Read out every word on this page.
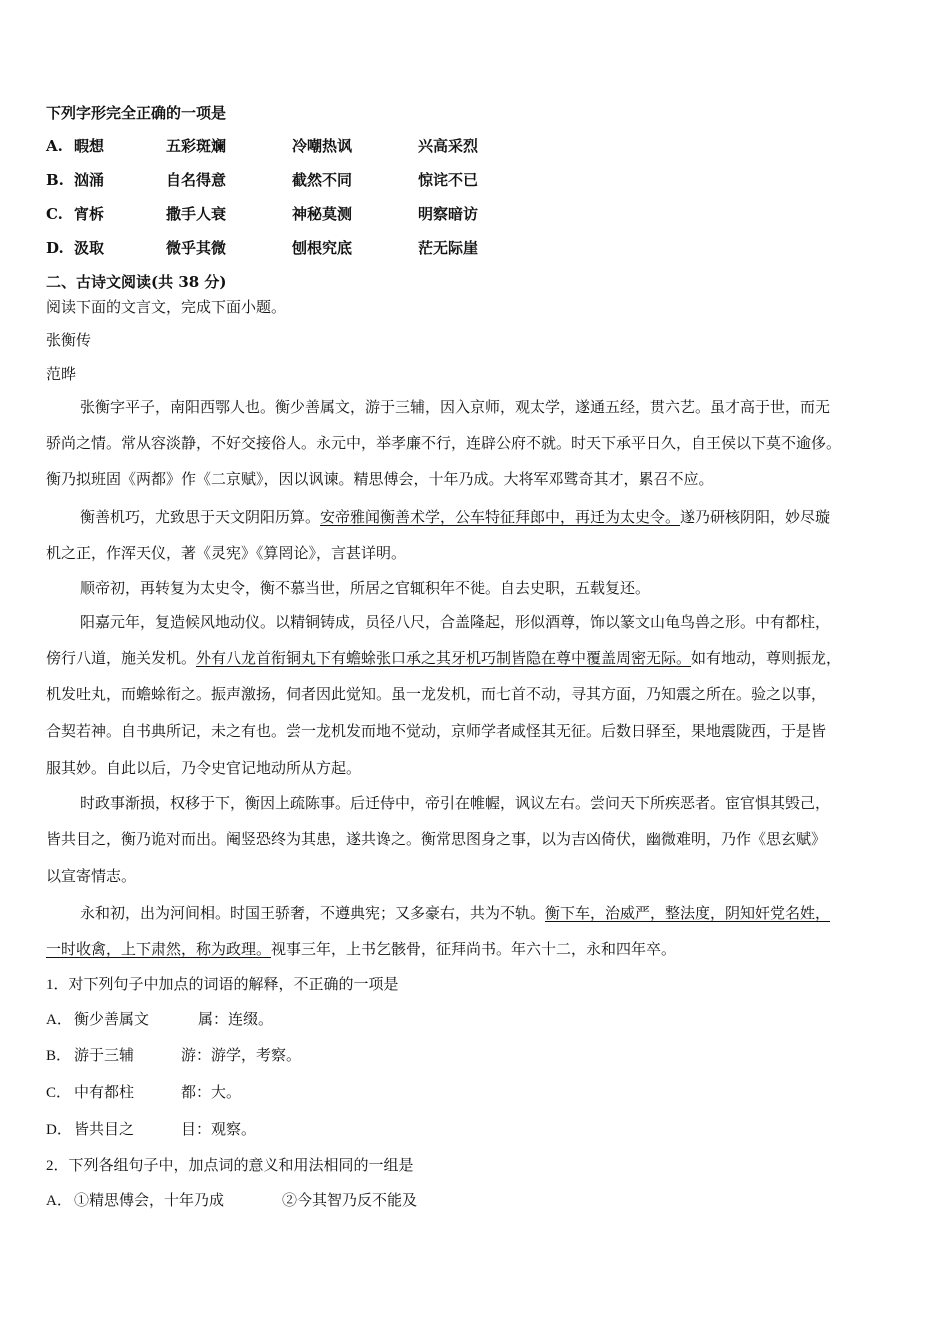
下列字形完全正确的一项是
A. 暇想	五彩斑斓	冷嘲热讽	兴高采烈
B. 汹涌	自名得意	截然不同	惊诧不已
C. 宵柝	撒手人衰	神秘莫测	明察暗访
D. 汲取	微乎其微	刨根究底	茫无际崖
二、古诗文阅读(共 38 分)
阅读下面的文言文，完成下面小题。
张衡传
范晔
张衡字平子，南阳西鄂人也。衡少善属文，游于三辅，因入京师，观太学，遂通五经，贯六艺。虽才高于世，而无
骄尚之情。常从容淡静，不好交接俗人。永元中，举孝廉不行，连辟公府不就。时天下承平日久，自王侯以下莫不逾侈。
衡乃拟班固《两都》作《二京赋》，因以讽谏。精思傅会，十年乃成。大将军邓骘奇其才，累召不应。
衡善机巧，尤致思于天文阴阳历算。安帝雅闻衡善术学，公车特征拜郎中，再迁为太史令。遂乃研核阴阳，妙尽璇
机之正，作浑天仪，著《灵宪》《算罔论》，言甚详明。
顺帝初，再转复为太史令，衡不慕当世，所居之官辄积年不徙。自去史职，五载复还。
阳嘉元年，复造候风地动仪。以精铜铸成，员径八尺，合盖隆起，形似酒尊，饰以篆文山龟鸟兽之形。中有都柱，
傍行八道，施关发机。外有八龙首衔铜丸下有蟾蜍张口承之其牙机巧制皆隐在尊中覆盖周密无际。如有地动，尊则振龙，
机发吐丸，而蟾蜍衔之。振声激扬，伺者因此觉知。虽一龙发机，而七首不动，寻其方面，乃知震之所在。验之以事，
合契若神。自书典所记，未之有也。尝一龙机发而地不觉动，京师学者咸怪其无征。后数日驿至，果地震陇西，于是皆
服其妙。自此以后，乃令史官记地动所从方起。
时政事渐损，权移于下，衡因上疏陈事。后迁侍中，帝引在帷幄，讽议左右。尝问天下所疾恶者。宦官惧其毁己，
皆共目之，衡乃诡对而出。阉竖恐终为其患，遂共谗之。衡常思图身之事，以为吉凶倚伏，幽微难明，乃作《思玄赋》
以宣寄情志。
永和初，出为河间相。时国王骄奢，不遵典宪；又多豪右，共为不轨。衡下车，治威严，整法度，阴知奸党名姓，
一时收禽，上下肃然，称为政理。视事三年，上书乞骸骨，征拜尚书。年六十二，永和四年卒。
1．对下列句子中加点的词语的解释，不正确的一项是
A． 衡少善属文	属：连缀。
B． 游于三辅	游：游学，考察。
C． 中有都柱	都：大。
D． 皆共目之	目：观察。
2．下列各组句子中，加点词的意义和用法相同的一组是
A． ①精思傅会，十年乃成	②今其智乃反不能及
